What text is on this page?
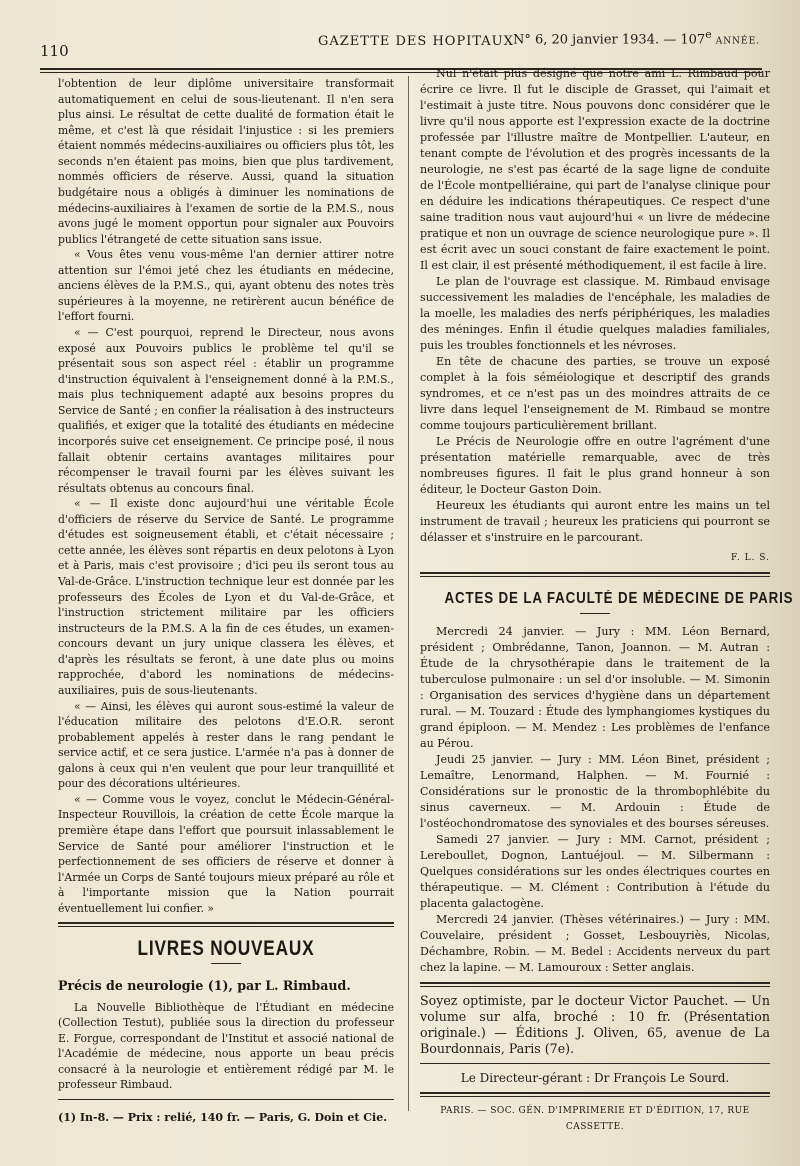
110
GAZETTE DES HOPITAUX N° 6, 20 janvier 1934. — 107e ANNÉE.

l'obtention de leur diplôme universitaire transformait automatiquement en celui de sous-lieutenant. Il n'en sera plus ainsi. Le résultat de cette dualité de formation était le même, et c'est là que résidait l'injustice : si les premiers étaient nommés médecins-auxiliaires ou officiers plus tôt, les seconds n'en étaient pas moins, bien que plus tardivement, nommés officiers de réserve. Aussi, quand la situation budgétaire nous a obligés à diminuer les nominations de médecins-auxiliaires à l'examen de sortie de la P.M.S., nous avons jugé le moment opportun pour signaler aux Pouvoirs publics l'étrangeté de cette situation sans issue.

« Vous êtes venu vous-même l'an dernier attirer notre attention sur l'émoi jeté chez les étudiants en médecine, anciens élèves de la P.M.S., qui, ayant obtenu des notes très supérieures à la moyenne, ne retirèrent aucun bénéfice de l'effort fourni.

« — C'est pourquoi, reprend le Directeur, nous avons exposé aux Pouvoirs publics le problème tel qu'il se présentait sous son aspect réel : établir un programme d'instruction équivalent à l'enseignement donné à la P.M.S., mais plus techniquement adapté aux besoins propres du Service de Santé ; en confier la réalisation à des instructeurs qualifiés, et exiger que la totalité des étudiants en médecine incorporés suive cet enseignement. Ce principe posé, il nous fallait obtenir certains avantages militaires pour récompenser le travail fourni par les élèves suivant les résultats obtenus au concours final.

« — Il existe donc aujourd'hui une véritable École d'officiers de réserve du Service de Santé. Le programme d'études est soigneusement établi, et c'était nécessaire ; cette année, les élèves sont répartis en deux pelotons à Lyon et à Paris, mais c'est provisoire ; d'ici peu ils seront tous au Val-de-Grâce. L'instruction technique leur est donnée par les professeurs des Écoles de Lyon et du Val-de-Grâce, et l'instruction strictement militaire par les officiers instructeurs de la P.M.S. A la fin de ces études, un examen-concours devant un jury unique classera les élèves, et d'après les résultats se feront, à une date plus ou moins rapprochée, d'abord les nominations de médecins-auxiliaires, puis de sous-lieutenants.

« — Ainsi, les élèves qui auront sous-estimé la valeur de l'éducation militaire des pelotons d'E.O.R. seront probablement appelés à rester dans le rang pendant le service actif, et ce sera justice. L'armée n'a pas à donner de galons à ceux qui n'en veulent que pour leur tranquillité et pour des décorations ultérieures.

« — Comme vous le voyez, conclut le Médecin-Général-Inspecteur Rouvillois, la création de cette École marque la première étape dans l'effort que poursuit inlassablement le Service de Santé pour améliorer l'instruction et le perfectionnement de ses officiers de réserve et donner à l'Armée un Corps de Santé toujours mieux préparé au rôle et à l'importante mission que la Nation pourrait éventuellement lui confier. »

LIVRES NOUVEAUX
Précis de neurologie (1), par L. Rimbaud.

La Nouvelle Bibliothèque de l'Étudiant en médecine (Collection Testut), publiée sous la direction du professeur E. Forgue, correspondant de l'Institut et associé national de l'Académie de médecine, nous apporte un beau précis consacré à la neurologie et entièrement rédigé par M. le professeur Rimbaud.

(1) In-8. — Prix : relié, 140 fr. — Paris, G. Doin et Cie.

Nul n'était plus désigné que notre ami L. Rimbaud pour écrire ce livre. Il fut le disciple de Grasset, qui l'aimait et l'estimait à juste titre. Nous pouvons donc considérer que le livre qu'il nous apporte est l'expression exacte de la doctrine professée par l'illustre maître de Montpellier. L'auteur, en tenant compte de l'évolution et des progrès incessants de la neurologie, ne s'est pas écarté de la sage ligne de conduite de l'École montpelliéraine, qui part de l'analyse clinique pour en déduire les indications thérapeutiques. Ce respect d'une saine tradition nous vaut aujourd'hui « un livre de médecine pratique et non un ouvrage de science neurologique pure ». Il est écrit avec un souci constant de faire exactement le point. Il est clair, il est présenté méthodiquement, il est facile à lire.

Le plan de l'ouvrage est classique. M. Rimbaud envisage successivement les maladies de l'encéphale, les maladies de la moelle, les maladies des nerfs périphériques, les maladies des méninges. Enfin il étudie quelques maladies familiales, puis les troubles fonctionnels et les névroses.

En tête de chacune des parties, se trouve un exposé complet à la fois séméiologique et descriptif des grands syndromes, et ce n'est pas un des moindres attraits de ce livre dans lequel l'enseignement de M. Rimbaud se montre comme toujours particulièrement brillant.

Le Précis de Neurologie offre en outre l'agrément d'une présentation matérielle remarquable, avec de très nombreuses figures. Il fait le plus grand honneur à son éditeur, le Docteur Gaston Doin.

Heureux les étudiants qui auront entre les mains un tel instrument de travail ; heureux les praticiens qui pourront se délasser et s'instruire en le parcourant.

F. L. S.
ACTES DE LA FACULTÉ DE MÉDECINE DE PARIS

Mercredi 24 janvier. — Jury : MM. Léon Bernard, président ; Ombrédanne, Tanon, Joannon. — M. Autran : Étude de la chrysothérapie dans le traitement de la tuberculose pulmonaire : un sel d'or insoluble. — M. Simonin : Organisation des services d'hygiène dans un département rural. — M. Touzard : Étude des lymphangiomes kystiques du grand épiploon. — M. Mendez : Les problèmes de l'enfance au Pérou.

Jeudi 25 janvier. — Jury : MM. Léon Binet, président ; Lemaître, Lenormand, Halphen. — M. Fournié : Considérations sur le pronostic de la thrombophlébite du sinus caverneux. — M. Ardouin : Étude de l'ostéochondromatose des synoviales et des bourses séreuses.

Samedi 27 janvier. — Jury : MM. Carnot, président ; Lereboullet, Dognon, Lantuéjoul. — M. Silbermann : Quelques considérations sur les ondes électriques courtes en thérapeutique. — M. Clément : Contribution à l'étude du placenta galactogène.

Mercredi 24 janvier. (Thèses vétérinaires.) — Jury : MM. Couvelaire, président ; Gosset, Lesbouyriès, Nicolas, Déchambre, Robin. — M. Bedel : Accidents nerveux du part chez la lapine. — M. Lamouroux : Setter anglais.

Soyez optimiste, par le docteur Victor Pauchet. — Un volume sur alfa, broché : 10 fr. (Présentation originale.) — Éditions J. Oliven, 65, avenue de La Bourdonnais, Paris (7e).

Le Directeur-gérant : Dr François Le Sourd.
PARIS. — SOC. GÉN. D'IMPRIMERIE ET D'ÉDITION, 17, RUE CASSETTE.
